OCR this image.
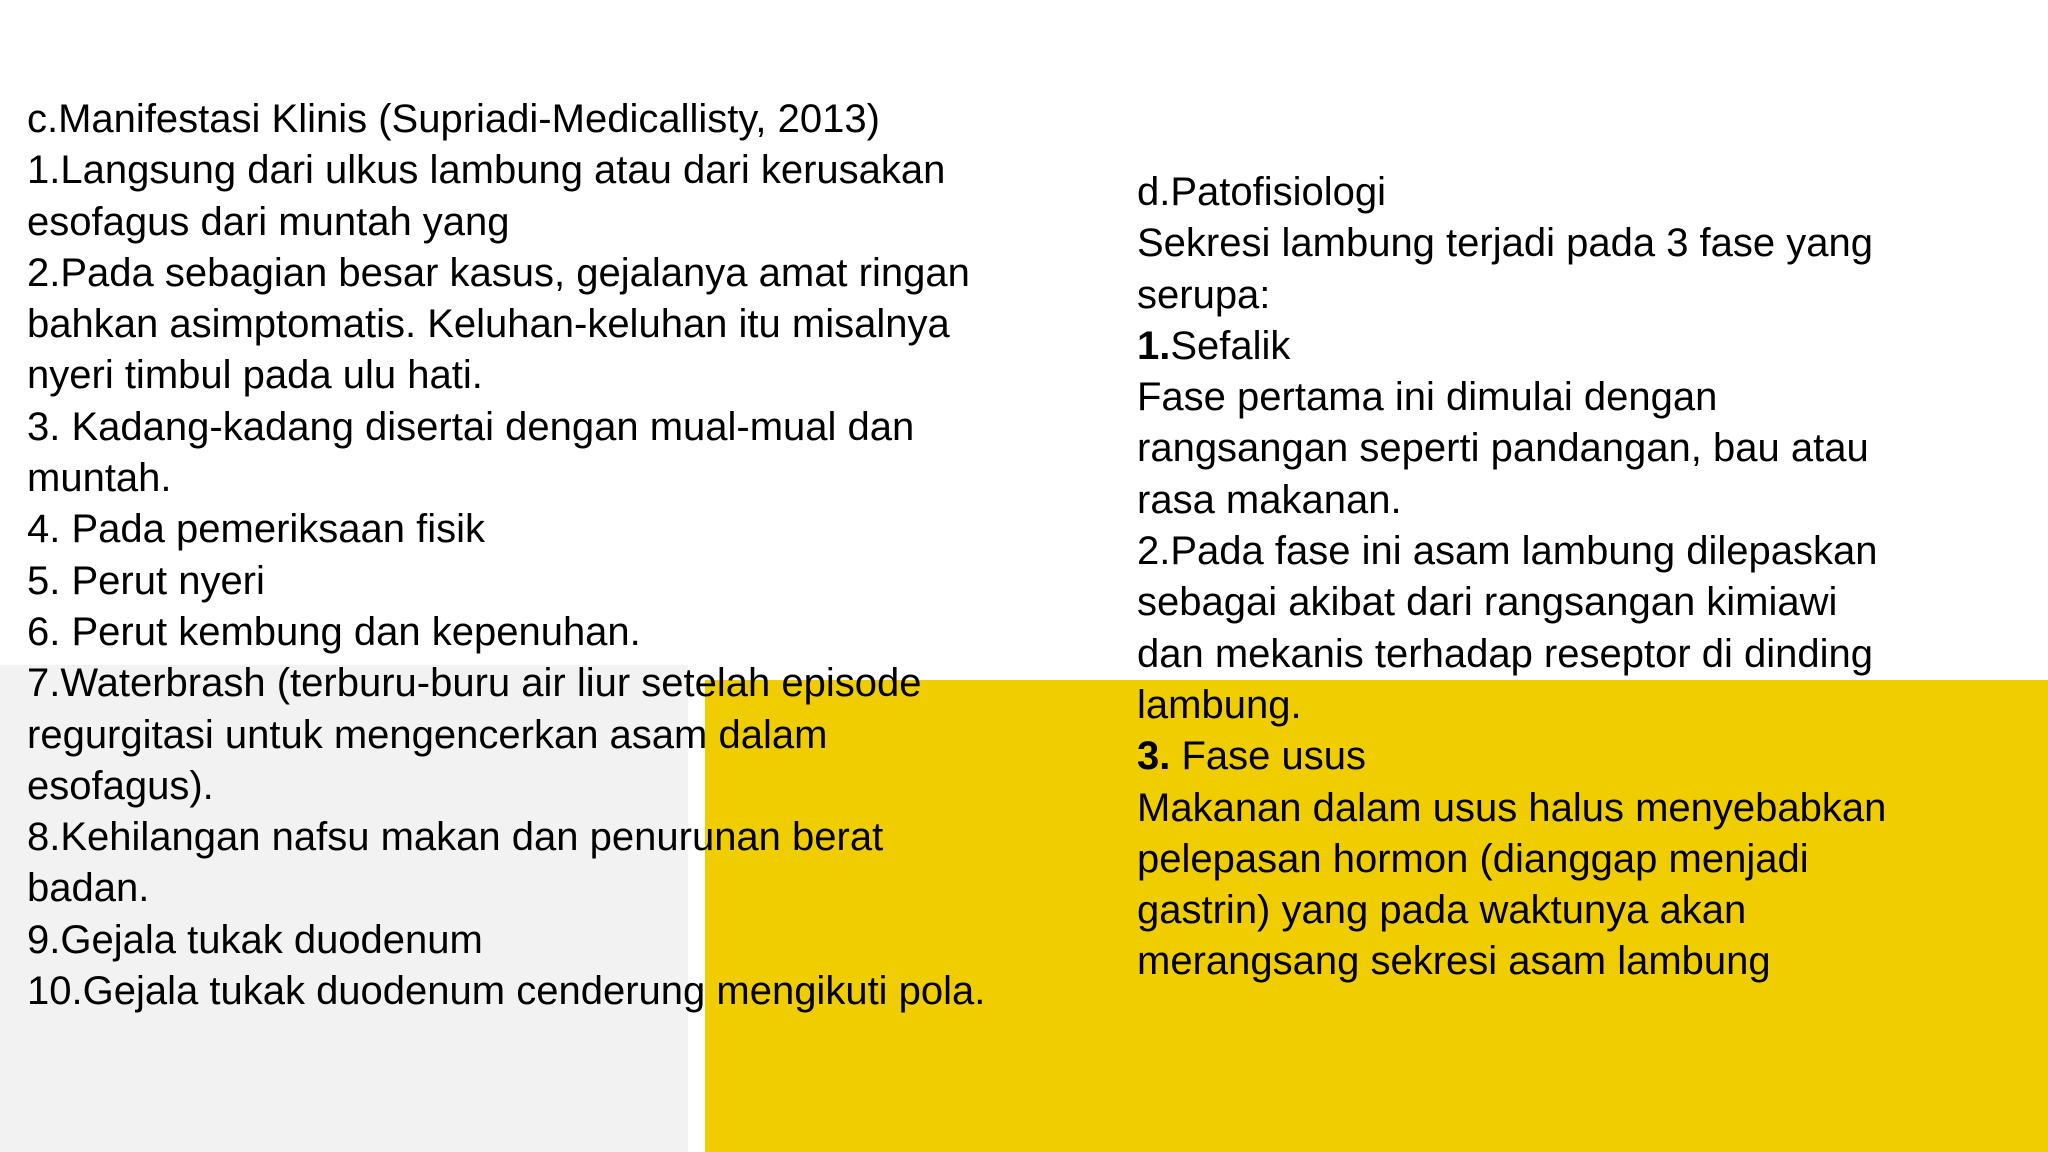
c.Manifestasi Klinis (Supriadi-Medicallisty, 2013)
1.Langsung dari ulkus lambung atau dari kerusakan
esofagus dari muntah yang
2.Pada sebagian besar kasus, gejalanya amat ringan
bahkan asimptomatis. Keluhan-keluhan itu misalnya
nyeri timbul pada ulu hati.
3. Kadang-kadang disertai dengan mual-mual dan
muntah.
4. Pada pemeriksaan fisik
5. Perut nyeri
6. Perut kembung dan kepenuhan.
7.Waterbrash (terburu-buru air liur setelah episode
regurgitasi untuk mengencerkan asam dalam
esofagus).
8.Kehilangan nafsu makan dan penurunan berat
badan.
9.Gejala tukak duodenum
10.Gejala tukak duodenum cenderung mengikuti pola.
d.Patofisiologi
Sekresi lambung terjadi pada 3 fase yang
serupa:
1.Sefalik
Fase pertama ini dimulai dengan
rangsangan seperti pandangan, bau atau
rasa makanan.
2.Pada fase ini asam lambung dilepaskan
sebagai akibat dari rangsangan kimiawi
dan mekanis terhadap reseptor di dinding
lambung.
3. Fase usus
Makanan dalam usus halus menyebabkan
pelepasan hormon (dianggap menjadi
gastrin) yang pada waktunya akan
merangsang sekresi asam lambung
